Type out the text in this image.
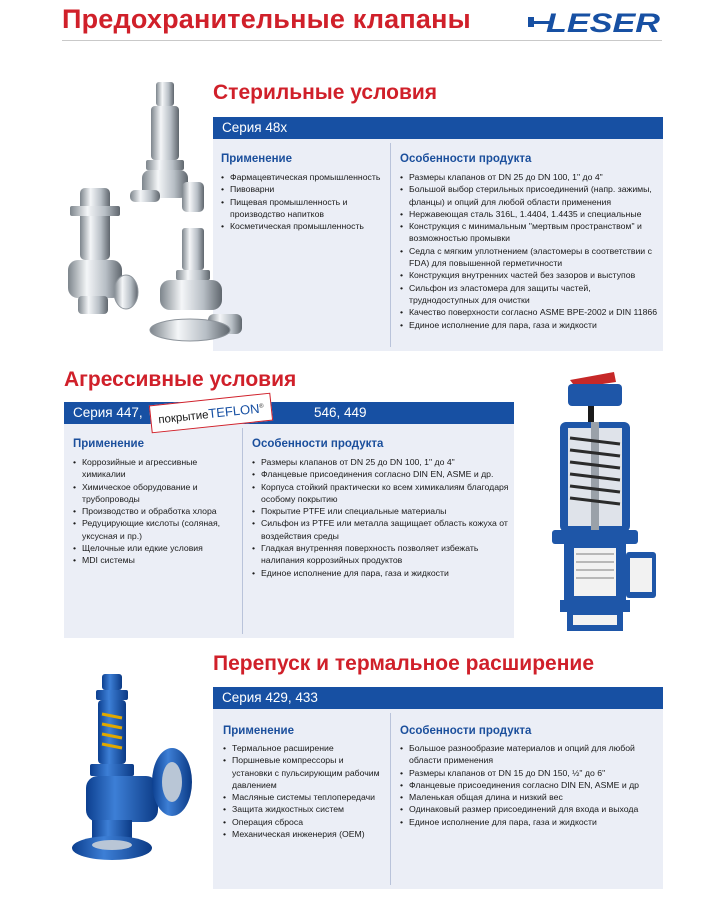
Предохранительные клапаны	LESER
Стерильные условия
Серия 48x
Применение
• Фармацевтическая промышленность
• Пивоварни
• Пищевая промышленность и производство напитков
• Косметическая промышленность
Особенности продукта
• Размеры клапанов от DN 25 до DN 100, 1" до 4"
• Большой выбор стерильных присоединений (напр. зажимы, фланцы) и опций для любой области применения
• Нержавеющая сталь 316L, 1.4404, 1.4435 и специальные
• Конструкция с минимальным "мертвым пространством" и возможностью промывки
• Седла с мягким уплотнением (эластомеры в соответствии с FDA) для повышенной герметичности
• Конструкция внутренних частей без зазоров и выступов
• Сильфон из эластомера для защиты частей, труднодоступных для очистки
• Качество поверхности согласно ASME BPE-2002 и DIN 11866
• Единое исполнение для пара, газа и жидкости
Агрессивные условия
Серия 447,	546, 449
покрытиеTEFLON®
Применение
• Коррозийные и агрессивные химикалии
• Химическое оборудование и трубопроводы
• Производство и обработка хлора
• Редуцирующие кислоты (соляная, уксусная и пр.)
• Щелочные или едкие условия
• MDI системы
Особенности продукта
• Размеры клапанов от DN 25 до DN 100, 1" до 4"
• Фланцевые присоединения согласно DIN EN, ASME и др.
• Корпуса стойкий практически ко всем химикалиям благодаря особому покрытию
• Покрытие PTFE или специальные материалы
• Сильфон из PTFE или металла защищает область кожуха от воздействия среды
• Гладкая внутренняя поверхность позволяет избежать налипания коррозийных продуктов
• Единое исполнение для пара, газа и жидкости
Перепуск и термальное расширение
Серия 429, 433
Применение
• Термальное расширение
• Поршневые компрессоры и установки с пульсирующим рабочим давлением
• Масляные системы теплопередачи
• Защита жидкостных систем
• Операция сброса
• Механическая инженерия (OEM)
Особенности продукта
• Большое разнообразие материалов и опций для любой области применения
• Размеры клапанов от DN 15 до DN 150, ½" до 6"
• Фланцевые присоединения согласно DIN EN, ASME и др
• Маленькая общая длина и низкий вес
• Одинаковый размер присоединений для входа и выхода
• Единое исполнение для пара, газа и жидкости
